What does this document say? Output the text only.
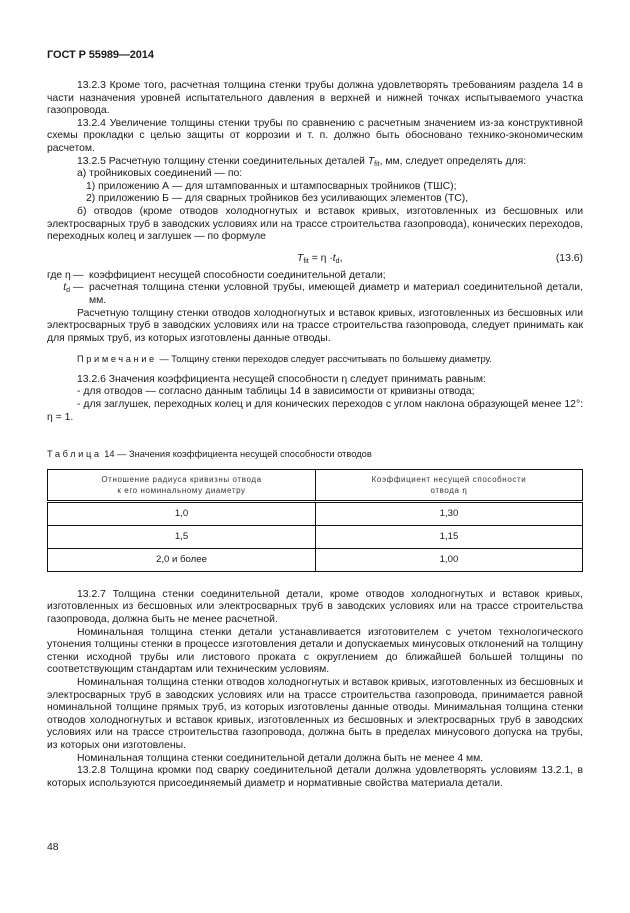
ГОСТ Р 55989—2014

13.2.3 Кроме того, расчетная толщина стенки трубы должна удовлетворять требованиям раздела 14 в части назначения уровней испытательного давления в верхней и нижней точках испытываемого участка газопровода.

13.2.4 Увеличение толщины стенки трубы по сравнению с расчетным значением из-за конструктивной схемы прокладки с целью защиты от коррозии и т. п. должно быть обосновано технико-экономическим расчетом.

13.2.5 Расчетную толщину стенки соединительных деталей $T_{fit}$, мм, следует определять для:

а) тройниковых соединений — по:

1) приложению А — для штампованных и штампосварных тройников (ТШС);

2) приложению Б — для сварных тройников без усиливающих элементов (ТС),

б) отводов (кроме отводов холодногнутых и вставок кривых, изготовленных из бесшовных или электросварных труб в заводских условиях или на трассе строительства газопровода), конических переходов, переходных колец и заглушек — по формуле

$T_{fit} = \eta \cdot t_d$,	(13.6)
где η — коэффициент несущей способности соединительной детали;
$t_d$ — расчетная толщина стенки условной трубы, имеющей диаметр и материал соединительной детали, мм.

Расчетную толщину стенки отводов холодногнутых и вставок кривых, изготовленных из бесшовных или электросварных труб в заводских условиях или на трассе строительства газопровода, следует принимать как для прямых труб, из которых изготовлены данные отводы.

Примечание — Толщину стенки переходов следует рассчитывать по большему диаметру.

13.2.6 Значения коэффициента несущей способности η следует принимать равным:

- для отводов — согласно данным таблицы 14 в зависимости от кривизны отвода;

- для заглушек, переходных колец и для конических переходов с углом наклона образующей менее 12°: η = 1.

Таблица 14 — Значения коэффициента несущей способности отводов

Отношение радиуса кривизны отвода
к его номинальному диаметру	Коэффициент несущей способности
отвода η
1,0	1,30
1,5	1,15
2,0 и более	1,00

13.2.7 Толщина стенки соединительной детали, кроме отводов холодногнутых и вставок кривых, изготовленных из бесшовных или электросварных труб в заводских условиях или на трассе строительства газопровода, должна быть не менее расчетной.

Номинальная толщина стенки детали устанавливается изготовителем с учетом технологического утонения толщины стенки в процессе изготовления детали и допускаемых минусовых отклонений на толщину стенки исходной трубы или листового проката с округлением до ближайшей большей толщины по соответствующим стандартам или техническим условиям.

Номинальная толщина стенки отводов холодногнутых и вставок кривых, изготовленных из бесшовных и электросварных труб в заводских условиях или на трассе строительства газопровода, принимается равной номинальной толщине прямых труб, из которых изготовлены данные отводы. Минимальная толщина стенки отводов холодногнутых и вставок кривых, изготовленных из бесшовных и электросварных труб в заводских условиях или на трассе строительства газопровода, должна быть в пределах минусового допуска на трубы, из которых они изготовлены.

Номинальная толщина стенки соединительной детали должна быть не менее 4 мм.

13.2.8 Толщина кромки под сварку соединительной детали должна удовлетворять условиям 13.2.1, в которых используются присоединяемый диаметр и нормативные свойства материала детали.

48
